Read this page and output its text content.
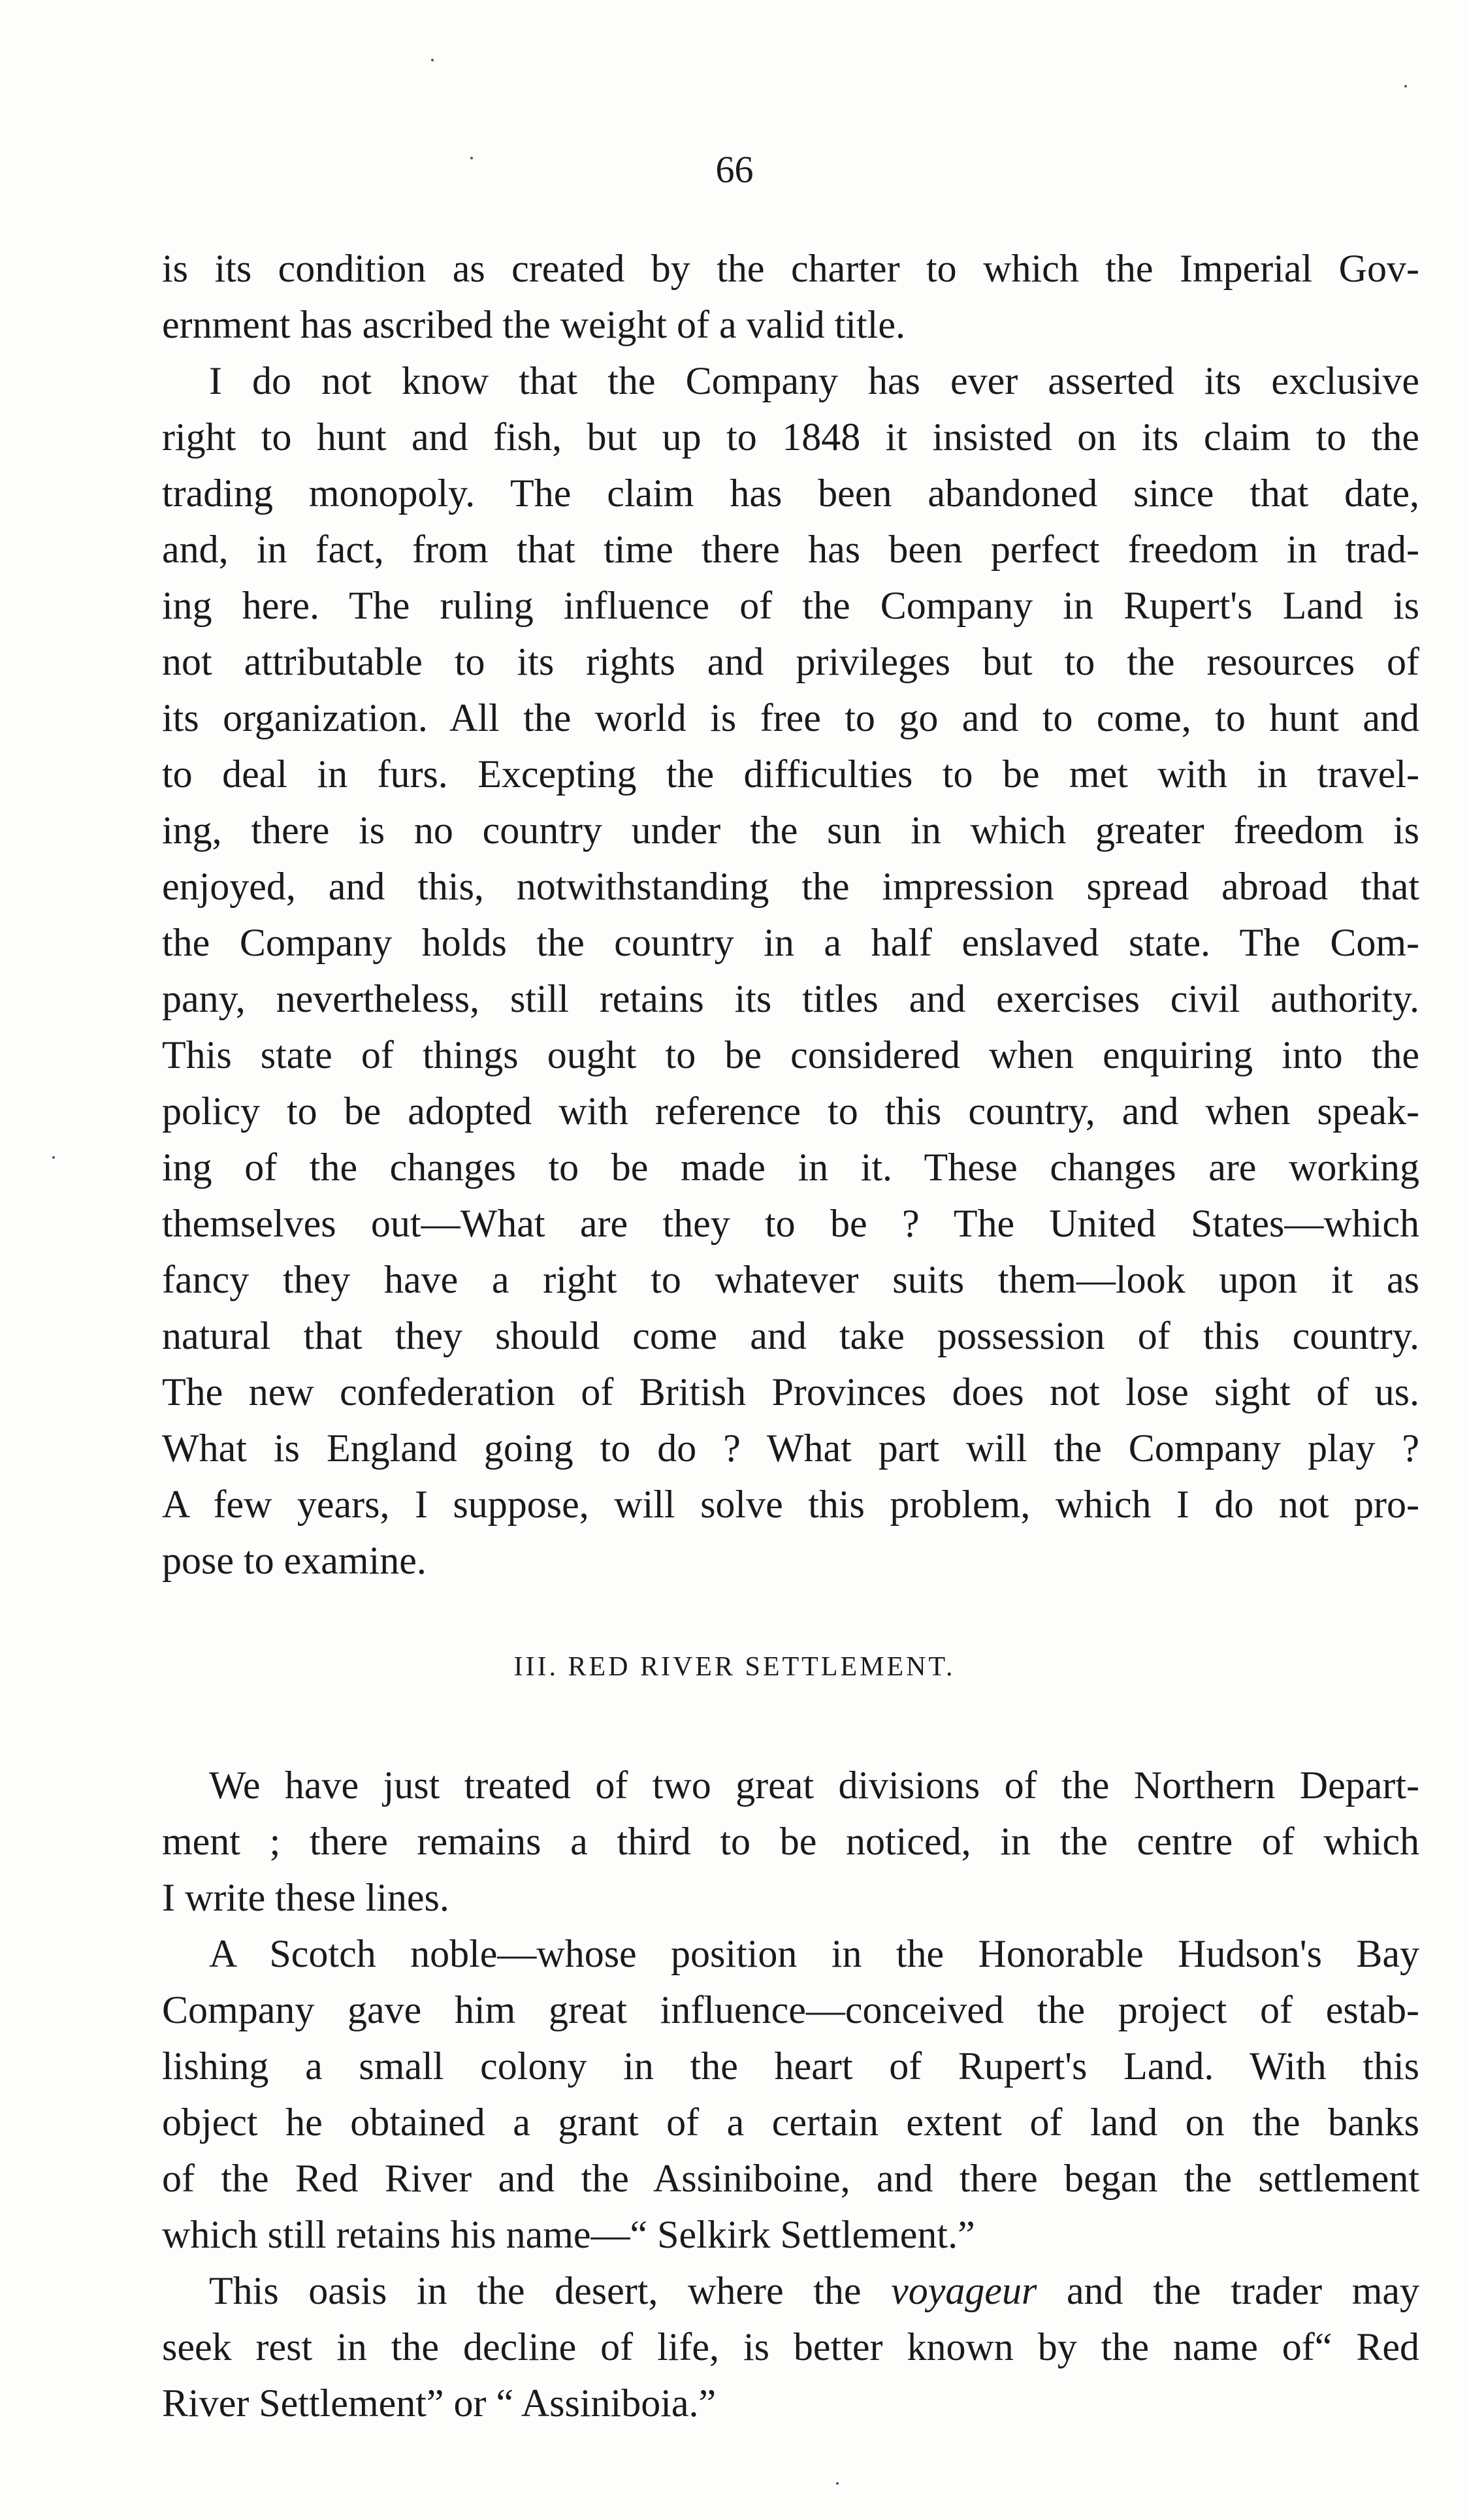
66

is its condition as created by the charter to which the Imperial Gov-
ernment has ascribed the weight of a valid title.

I do not know that the Company has ever asserted its exclusive
right to hunt and fish, but up to 1848 it insisted on its claim to the
trading monopoly. The claim has been abandoned since that date,
and, in fact, from that time there has been perfect freedom in trad-
ing here. The ruling influence of the Company in Rupert's Land is
not attributable to its rights and privileges but to the resources of
its organization. All the world is free to go and to come, to hunt and
to deal in furs. Excepting the difficulties to be met with in travel-
ing, there is no country under the sun in which greater freedom is
enjoyed, and this, notwithstanding the impression spread abroad that
the Company holds the country in a half enslaved state. The Com-
pany, nevertheless, still retains its titles and exercises civil authority.
This state of things ought to be considered when enquiring into the
policy to be adopted with reference to this country, and when speak-
ing of the changes to be made in it. These changes are working
themselves out—What are they to be ? The United States—which
fancy they have a right to whatever suits them—look upon it as
natural that they should come and take possession of this country.
The new confederation of British Provinces does not lose sight of us.
What is England going to do ? What part will the Company play ?
A few years, I suppose, will solve this problem, which I do not pro-
pose to examine.

III. RED RIVER SETTLEMENT.

We have just treated of two great divisions of the Northern Depart-
ment ; there remains a third to be noticed, in the centre of which
I write these lines.

A Scotch noble—whose position in the Honorable Hudson's Bay
Company gave him great influence—conceived the project of estab-
lishing a small colony in the heart of Rupert's Land. With this
object he obtained a grant of a certain extent of land on the banks
of the Red River and the Assiniboine, and there began the settlement
which still retains his name—“ Selkirk Settlement.”

This oasis in the desert, where the voyageur and the trader may
seek rest in the decline of life, is better known by the name of“ Red
River Settlement” or “ Assiniboia.”
